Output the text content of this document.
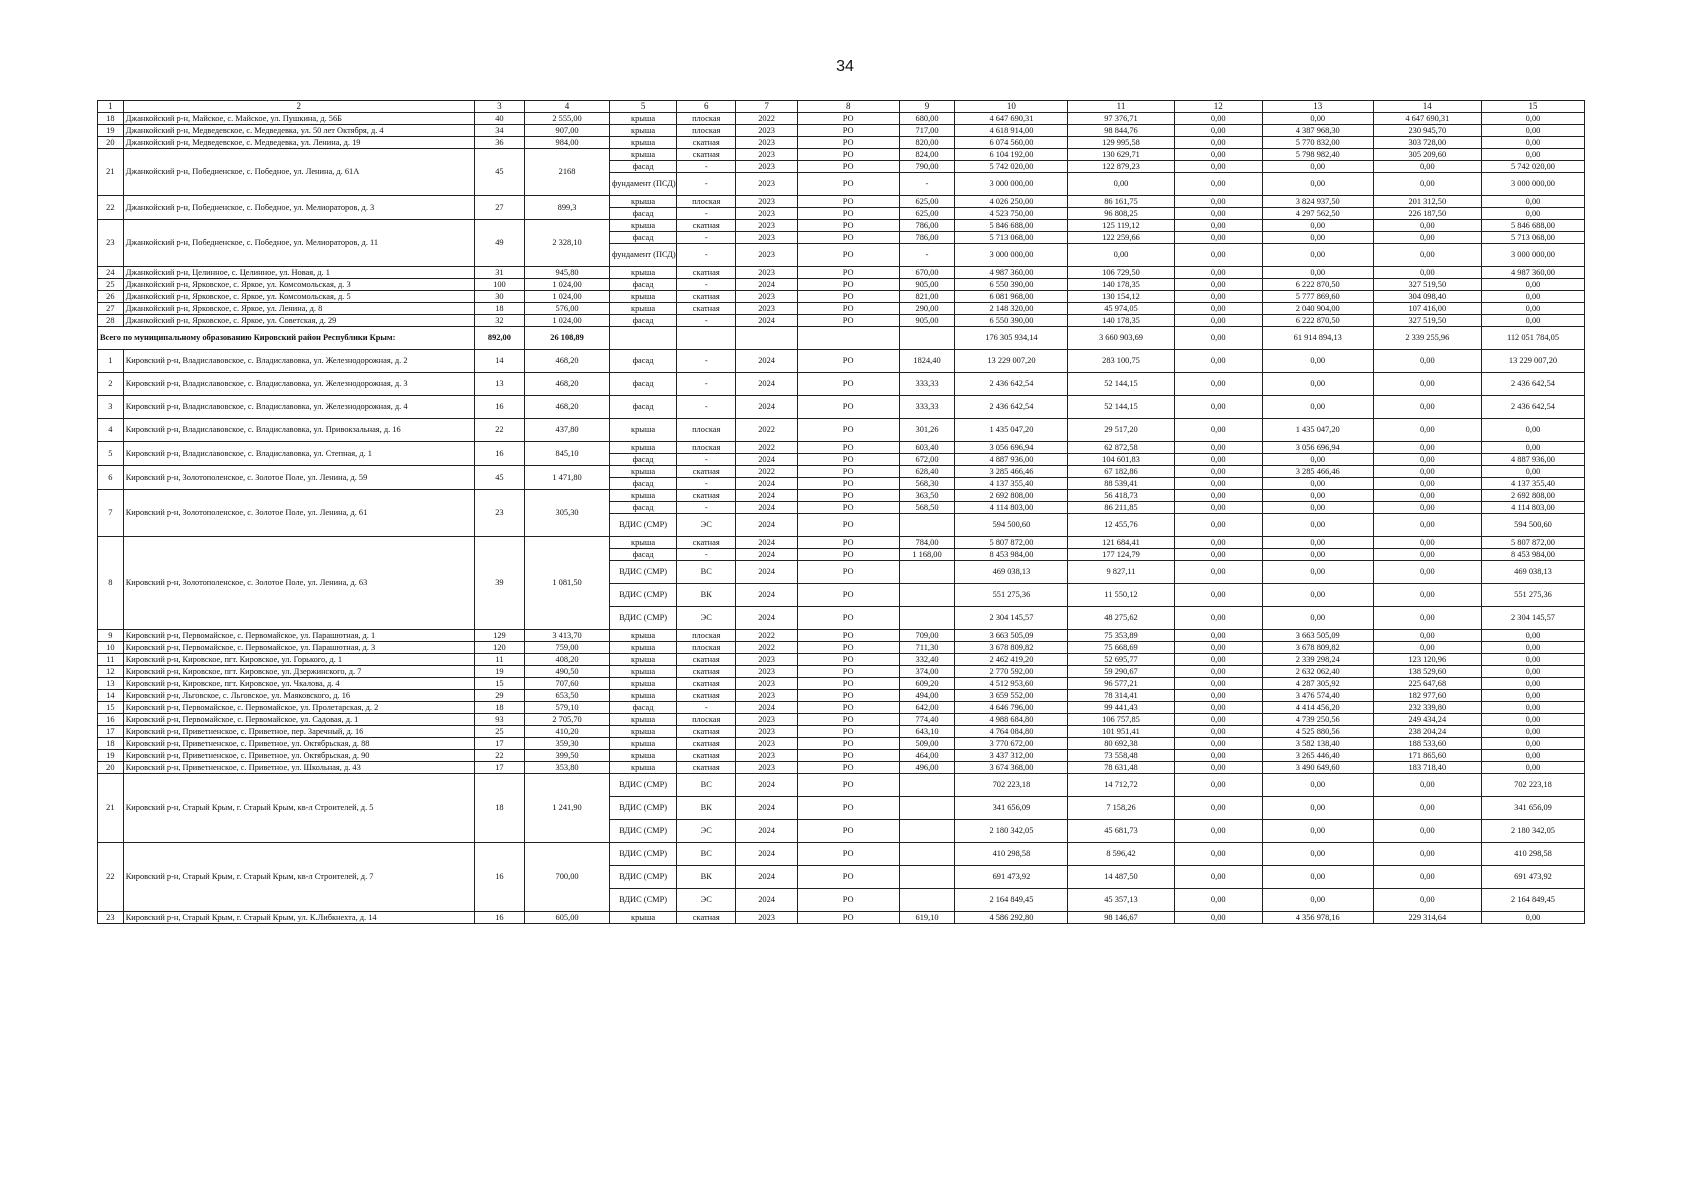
34
1	2	3	4	5	6	7	8	9	10	11	12	13	14	15
18	Джанкойский р-н, Майское, с. Майское, ул. Пушкина, д. 56Б	40	2 555,00	крыша	плоская	2022	РО	680,00	4 647 690,31	97 376,71	0,00	0,00	4 647 690,31	0,00
19	Джанкойский р-н, Медведевское, с. Медведевка, ул. 50 лет Октября, д. 4	34	907,00	крыша	плоская	2023	РО	717,00	4 618 914,00	98 844,76	0,00	4 387 968,30	230 945,70	0,00
20	Джанкойский р-н, Медведевское, с. Медведевка, ул. Ленина, д. 19	36	984,00	крыша	скатная	2023	РО	820,00	6 074 560,00	129 995,58	0,00	5 770 832,00	303 728,00	0,00
21	Джанкойский р-н, Победненское, с. Победное, ул. Ленина, д. 61А	45	2168	крыша	скатная	2023	РО	824,00	6 104 192,00	130 629,71	0,00	5 798 982,40	305 209,60	0,00
				фасад	-	2023	РО	790,00	5 742 020,00	122 879,23	0,00	0,00	0,00	5 742 020,00
				фундамент (ПСД)	-	2023	РО	-	3 000 000,00	0,00	0,00	0,00	0,00	3 000 000,00
22	Джанкойский р-н, Победненское, с. Победное, ул. Мелиораторов, д. 3	27	899,3	крыша	плоская	2023	РО	625,00	4 026 250,00	86 161,75	0,00	3 824 937,50	201 312,50	0,00
				фасад	-	2023	РО	625,00	4 523 750,00	96 808,25	0,00	4 297 562,50	226 187,50	0,00
23	Джанкойский р-н, Победненское, с. Победное, ул. Мелиораторов, д. 11	49	2 328,10	крыша	скатная	2023	РО	786,00	5 846 688,00	125 119,12	0,00	0,00	0,00	5 846 688,00
				фасад	-	2023	РО	786,00	5 713 068,00	122 259,66	0,00	0,00	0,00	5 713 068,00
				фундамент (ПСД)	-	2023	РО	-	3 000 000,00	0,00	0,00	0,00	0,00	3 000 000,00
24	Джанкойский р-н, Целинное, с. Целинное, ул. Новая, д. 1	31	945,80	крыша	скатная	2023	РО	670,00	4 987 360,00	106 729,50	0,00	0,00	0,00	4 987 360,00
25	Джанкойский р-н, Ярковское, с. Яркое, ул. Комсомольская, д. 3	100	1 024,00	фасад	-	2024	РО	905,00	6 550 390,00	140 178,35	0,00	6 222 870,50	327 519,50	0,00
26	Джанкойский р-н, Ярковское, с. Яркое, ул. Комсомольская, д. 5	30	1 024,00	крыша	скатная	2023	РО	821,00	6 081 968,00	130 154,12	0,00	5 777 869,60	304 098,40	0,00
27	Джанкойский р-н, Ярковское, с. Яркое, ул. Ленина, д. 8	18	576,00	крыша	скатная	2023	РО	290,00	2 148 320,00	45 974,05	0,00	2 040 904,00	107 416,00	0,00
28	Джанкойский р-н, Ярковское, с. Яркое, ул. Советская, д. 29	32	1 024,00	фасад	-	2024	РО	905,00	6 550 390,00	140 178,35	0,00	6 222 870,50	327 519,50	0,00
Всего по муниципальному образованию Кировский район Республики Крым:		892,00	26 108,89						176 305 934,14	3 660 903,69	0,00	61 914 894,13	2 339 255,96	112 051 784,05
1	Кировский р-н, Владиславовское, с. Владиславовка, ул. Железнодорожная, д. 2	14	468,20	фасад	-	2024	РО	1824,40	13 229 007,20	283 100,75	0,00	0,00	0,00	13 229 007,20
2	Кировский р-н, Владиславовское, с. Владиславовка, ул. Железнодорожная, д. 3	13	468,20	фасад	-	2024	РО	333,33	2 436 642,54	52 144,15	0,00	0,00	0,00	2 436 642,54
3	Кировский р-н, Владиславовское, с. Владиславовка, ул. Железнодорожная, д. 4	16	468,20	фасад	-	2024	РО	333,33	2 436 642,54	52 144,15	0,00	0,00	0,00	2 436 642,54
4	Кировский р-н, Владиславовское, с. Владиславовка, ул. Привокзальная, д. 16	22	437,80	крыша	плоская	2022	РО	301,26	1 435 047,20	29 517,20	0,00	1 435 047,20	0,00	0,00
5	Кировский р-н, Владиславовское, с. Владиславовка, ул. Степная, д. 1	16	845,10	крыша	плоская	2022	РО	603,40	3 056 696,94	62 872,58	0,00	3 056 696,94	0,00	0,00
				фасад	-	2024	РО	672,00	4 887 936,00	104 601,83	0,00	0,00	0,00	4 887 936,00
6	Кировский р-н, Золотополенское, с. Золотое Поле, ул. Ленина, д. 59	45	1 471,80	крыша	скатная	2022	РО	628,40	3 285 466,46	67 182,86	0,00	3 285 466,46	0,00	0,00
				фасад	-	2024	РО	568,30	4 137 355,40	88 539,41	0,00	0,00	0,00	4 137 355,40
7	Кировский р-н, Золотополенское, с. Золотое Поле, ул. Ленина, д. 61	23	305,30	крыша	скатная	2024	РО	363,50	2 692 808,00	56 418,73	0,00	0,00	0,00	2 692 808,00
				фасад	-	2024	РО	568,50	4 114 803,00	86 211,85	0,00	0,00	0,00	4 114 803,00
				ВДИС (СМР)	ЭС	2024	РО		594 500,60	12 455,76	0,00	0,00	0,00	594 500,60
8	Кировский р-н, Золотополенское, с. Золотое Поле, ул. Ленина, д. 63	39	1 081,50	крыша	скатная	2024	РО	784,00	5 807 872,00	121 684,41	0,00	0,00	0,00	5 807 872,00
				фасад	-	2024	РО	1 168,00	8 453 984,00	177 124,79	0,00	0,00	0,00	8 453 984,00
				ВДИС (СМР)	ВС	2024	РО		469 038,13	9 827,11	0,00	0,00	0,00	469 038,13
				ВДИС (СМР)	ВК	2024	РО		551 275,36	11 550,12	0,00	0,00	0,00	551 275,36
				ВДИС (СМР)	ЭС	2024	РО		2 304 145,57	48 275,62	0,00	0,00	0,00	2 304 145,57
9	Кировский р-н, Первомайское, с. Первомайское, ул. Парашютная, д. 1	129	3 413,70	крыша	плоская	2022	РО	709,00	3 663 505,09	75 353,89	0,00	3 663 505,09	0,00	0,00
10	Кировский р-н, Первомайское, с. Первомайское, ул. Парашютная, д. 3	120	759,00	крыша	плоская	2022	РО	711,30	3 678 809,82	75 668,69	0,00	3 678 809,82	0,00	0,00
11	Кировский р-н, Кировское, пгт. Кировское, ул. Горького, д. 1	11	408,20	крыша	скатная	2023	РО	332,40	2 462 419,20	52 695,77	0,00	2 339 298,24	123 120,96	0,00
12	Кировский р-н, Кировское, пгт. Кировское, ул. Дзержинского, д. 7	19	490,50	крыша	скатная	2023	РО	374,00	2 770 592,00	59 290,67	0,00	2 632 062,40	138 529,60	0,00
13	Кировский р-н, Кировское, пгт. Кировское, ул. Чкалова, д. 4	15	707,60	крыша	скатная	2023	РО	609,20	4 512 953,60	96 577,21	0,00	4 287 305,92	225 647,68	0,00
14	Кировский р-н, Льговское, с. Льговское, ул. Маяковского, д. 16	29	653,50	крыша	скатная	2023	РО	494,00	3 659 552,00	78 314,41	0,00	3 476 574,40	182 977,60	0,00
15	Кировский р-н, Первомайское, с. Первомайское, ул. Пролетарская, д. 2	18	579,10	фасад	-	2024	РО	642,00	4 646 796,00	99 441,43	0,00	4 414 456,20	232 339,80	0,00
16	Кировский р-н, Первомайское, с. Первомайское, ул. Садовая, д. 1	93	2 705,70	крыша	плоская	2023	РО	774,40	4 988 684,80	106 757,85	0,00	4 739 250,56	249 434,24	0,00
17	Кировский р-н, Приветненское, с. Приветное, пер. Заречный, д. 16	25	410,20	крыша	скатная	2023	РО	643,10	4 764 084,80	101 951,41	0,00	4 525 880,56	238 204,24	0,00
18	Кировский р-н, Приветненское, с. Приветное, ул. Октябрьская, д. 88	17	359,30	крыша	скатная	2023	РО	509,00	3 770 672,00	80 692,38	0,00	3 582 138,40	188 533,60	0,00
19	Кировский р-н, Приветненское, с. Приветное, ул. Октябрьская, д. 90	22	399,50	крыша	скатная	2023	РО	464,00	3 437 312,00	73 558,48	0,00	3 265 446,40	171 865,60	0,00
20	Кировский р-н, Приветненское, с. Приветное, ул. Школьная, д. 43	17	353,80	крыша	скатная	2023	РО	496,00	3 674 368,00	78 631,48	0,00	3 490 649,60	183 718,40	0,00
21	Кировский р-н, Старый Крым, г. Старый Крым, кв-л Строителей, д. 5	18	1 241,90	ВДИС (СМР)	ВС	2024	РО		702 223,18	14 712,72	0,00	0,00	0,00	702 223,18
				ВДИС (СМР)	ВК	2024	РО		341 656,09	7 158,26	0,00	0,00	0,00	341 656,09
				ВДИС (СМР)	ЭС	2024	РО		2 180 342,05	45 681,73	0,00	0,00	0,00	2 180 342,05
22	Кировский р-н, Старый Крым, г. Старый Крым, кв-л Строителей, д. 7	16	700,00	ВДИС (СМР)	ВС	2024	РО		410 298,58	8 596,42	0,00	0,00	0,00	410 298,58
				ВДИС (СМР)	ВК	2024	РО		691 473,92	14 487,50	0,00	0,00	0,00	691 473,92
				ВДИС (СМР)	ЭС	2024	РО		2 164 849,45	45 357,13	0,00	0,00	0,00	2 164 849,45
23	Кировский р-н, Старый Крым, г. Старый Крым, ул. К.Либкнехта, д. 14	16	605,00	крыша	скатная	2023	РО	619,10	4 586 292,80	98 146,67	0,00	4 356 978,16	229 314,64	0,00
